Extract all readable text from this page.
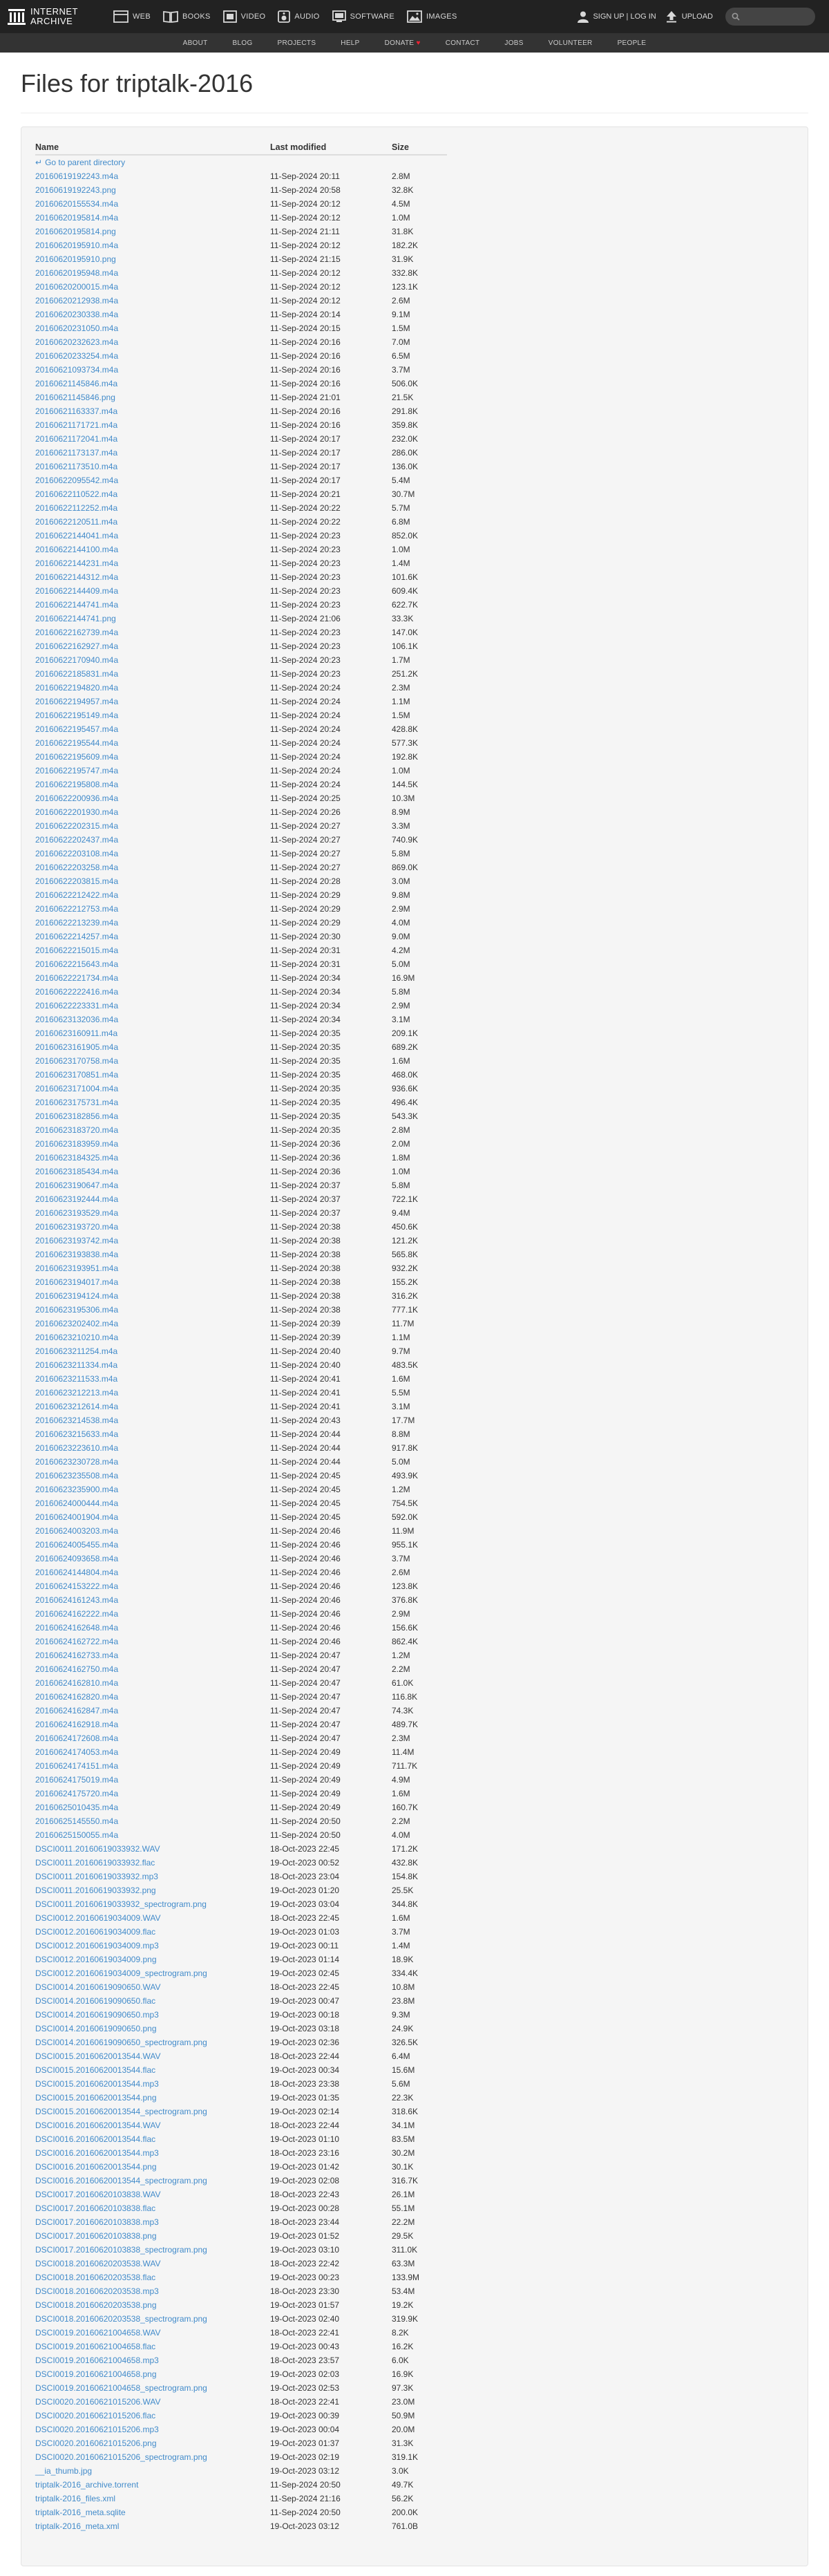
INTERNET
ARCHIVE	WEB	BOOKS	VIDEO	AUDIO	SOFTWARE	IMAGES	SIGN UP | LOG IN	UPLOAD
ABOUT	BLOG	PROJECTS	HELP	DONATE ♥	CONTACT	JOBS	VOLUNTEER	PEOPLE
Files for triptalk-2016
Name	Last modified	Size
↵ Go to parent directory		
20160619192243.m4a	11-Sep-2024 20:11	2.8M
20160619192243.png	11-Sep-2024 20:58	32.8K
20160620155534.m4a	11-Sep-2024 20:12	4.5M
20160620195814.m4a	11-Sep-2024 20:12	1.0M
20160620195814.png	11-Sep-2024 21:11	31.8K
20160620195910.m4a	11-Sep-2024 20:12	182.2K
20160620195910.png	11-Sep-2024 21:15	31.9K
20160620195948.m4a	11-Sep-2024 20:12	332.8K
20160620200015.m4a	11-Sep-2024 20:12	123.1K
20160620212938.m4a	11-Sep-2024 20:12	2.6M
20160620230338.m4a	11-Sep-2024 20:14	9.1M
20160620231050.m4a	11-Sep-2024 20:15	1.5M
20160620232623.m4a	11-Sep-2024 20:16	7.0M
20160620233254.m4a	11-Sep-2024 20:16	6.5M
20160621093734.m4a	11-Sep-2024 20:16	3.7M
20160621145846.m4a	11-Sep-2024 20:16	506.0K
20160621145846.png	11-Sep-2024 21:01	21.5K
20160621163337.m4a	11-Sep-2024 20:16	291.8K
20160621171721.m4a	11-Sep-2024 20:16	359.8K
20160621172041.m4a	11-Sep-2024 20:17	232.0K
20160621173137.m4a	11-Sep-2024 20:17	286.0K
20160621173510.m4a	11-Sep-2024 20:17	136.0K
20160622095542.m4a	11-Sep-2024 20:17	5.4M
20160622110522.m4a	11-Sep-2024 20:21	30.7M
20160622112252.m4a	11-Sep-2024 20:22	5.7M
20160622120511.m4a	11-Sep-2024 20:22	6.8M
20160622144041.m4a	11-Sep-2024 20:23	852.0K
20160622144100.m4a	11-Sep-2024 20:23	1.0M
20160622144231.m4a	11-Sep-2024 20:23	1.4M
20160622144312.m4a	11-Sep-2024 20:23	101.6K
20160622144409.m4a	11-Sep-2024 20:23	609.4K
20160622144741.m4a	11-Sep-2024 20:23	622.7K
20160622144741.png	11-Sep-2024 21:06	33.3K
20160622162739.m4a	11-Sep-2024 20:23	147.0K
20160622162927.m4a	11-Sep-2024 20:23	106.1K
20160622170940.m4a	11-Sep-2024 20:23	1.7M
20160622185831.m4a	11-Sep-2024 20:23	251.2K
20160622194820.m4a	11-Sep-2024 20:24	2.3M
20160622194957.m4a	11-Sep-2024 20:24	1.1M
20160622195149.m4a	11-Sep-2024 20:24	1.5M
20160622195457.m4a	11-Sep-2024 20:24	428.8K
20160622195544.m4a	11-Sep-2024 20:24	577.3K
20160622195609.m4a	11-Sep-2024 20:24	192.8K
20160622195747.m4a	11-Sep-2024 20:24	1.0M
20160622195808.m4a	11-Sep-2024 20:24	144.5K
20160622200936.m4a	11-Sep-2024 20:25	10.3M
20160622201930.m4a	11-Sep-2024 20:26	8.9M
20160622202315.m4a	11-Sep-2024 20:27	3.3M
20160622202437.m4a	11-Sep-2024 20:27	740.9K
20160622203108.m4a	11-Sep-2024 20:27	5.8M
20160622203258.m4a	11-Sep-2024 20:27	869.0K
20160622203815.m4a	11-Sep-2024 20:28	3.0M
20160622212422.m4a	11-Sep-2024 20:29	9.8M
20160622212753.m4a	11-Sep-2024 20:29	2.9M
20160622213239.m4a	11-Sep-2024 20:29	4.0M
20160622214257.m4a	11-Sep-2024 20:30	9.0M
20160622215015.m4a	11-Sep-2024 20:31	4.2M
20160622215643.m4a	11-Sep-2024 20:31	5.0M
20160622221734.m4a	11-Sep-2024 20:34	16.9M
20160622222416.m4a	11-Sep-2024 20:34	5.8M
20160622223331.m4a	11-Sep-2024 20:34	2.9M
20160623132036.m4a	11-Sep-2024 20:34	3.1M
20160623160911.m4a	11-Sep-2024 20:35	209.1K
20160623161905.m4a	11-Sep-2024 20:35	689.2K
20160623170758.m4a	11-Sep-2024 20:35	1.6M
20160623170851.m4a	11-Sep-2024 20:35	468.0K
20160623171004.m4a	11-Sep-2024 20:35	936.6K
20160623175731.m4a	11-Sep-2024 20:35	496.4K
20160623182856.m4a	11-Sep-2024 20:35	543.3K
20160623183720.m4a	11-Sep-2024 20:35	2.8M
20160623183959.m4a	11-Sep-2024 20:36	2.0M
20160623184325.m4a	11-Sep-2024 20:36	1.8M
20160623185434.m4a	11-Sep-2024 20:36	1.0M
20160623190647.m4a	11-Sep-2024 20:37	5.8M
20160623192444.m4a	11-Sep-2024 20:37	722.1K
20160623193529.m4a	11-Sep-2024 20:37	9.4M
20160623193720.m4a	11-Sep-2024 20:38	450.6K
20160623193742.m4a	11-Sep-2024 20:38	121.2K
20160623193838.m4a	11-Sep-2024 20:38	565.8K
20160623193951.m4a	11-Sep-2024 20:38	932.2K
20160623194017.m4a	11-Sep-2024 20:38	155.2K
20160623194124.m4a	11-Sep-2024 20:38	316.2K
20160623195306.m4a	11-Sep-2024 20:38	777.1K
20160623202402.m4a	11-Sep-2024 20:39	11.7M
20160623210210.m4a	11-Sep-2024 20:39	1.1M
20160623211254.m4a	11-Sep-2024 20:40	9.7M
20160623211334.m4a	11-Sep-2024 20:40	483.5K
20160623211533.m4a	11-Sep-2024 20:41	1.6M
20160623212213.m4a	11-Sep-2024 20:41	5.5M
20160623212614.m4a	11-Sep-2024 20:41	3.1M
20160623214538.m4a	11-Sep-2024 20:43	17.7M
20160623215633.m4a	11-Sep-2024 20:44	8.8M
20160623223610.m4a	11-Sep-2024 20:44	917.8K
20160623230728.m4a	11-Sep-2024 20:44	5.0M
20160623235508.m4a	11-Sep-2024 20:45	493.9K
20160623235900.m4a	11-Sep-2024 20:45	1.2M
20160624000444.m4a	11-Sep-2024 20:45	754.5K
20160624001904.m4a	11-Sep-2024 20:45	592.0K
20160624003203.m4a	11-Sep-2024 20:46	11.9M
20160624005455.m4a	11-Sep-2024 20:46	955.1K
20160624093658.m4a	11-Sep-2024 20:46	3.7M
20160624144804.m4a	11-Sep-2024 20:46	2.6M
20160624153222.m4a	11-Sep-2024 20:46	123.8K
20160624161243.m4a	11-Sep-2024 20:46	376.8K
20160624162222.m4a	11-Sep-2024 20:46	2.9M
20160624162648.m4a	11-Sep-2024 20:46	156.6K
20160624162722.m4a	11-Sep-2024 20:46	862.4K
20160624162733.m4a	11-Sep-2024 20:47	1.2M
20160624162750.m4a	11-Sep-2024 20:47	2.2M
20160624162810.m4a	11-Sep-2024 20:47	61.0K
20160624162820.m4a	11-Sep-2024 20:47	116.8K
20160624162847.m4a	11-Sep-2024 20:47	74.3K
20160624162918.m4a	11-Sep-2024 20:47	489.7K
20160624172608.m4a	11-Sep-2024 20:47	2.3M
20160624174053.m4a	11-Sep-2024 20:49	11.4M
20160624174151.m4a	11-Sep-2024 20:49	711.7K
20160624175019.m4a	11-Sep-2024 20:49	4.9M
20160624175720.m4a	11-Sep-2024 20:49	1.6M
20160625010435.m4a	11-Sep-2024 20:49	160.7K
20160625145550.m4a	11-Sep-2024 20:50	2.2M
20160625150055.m4a	11-Sep-2024 20:50	4.0M
DSCI0011.20160619033932.WAV	18-Oct-2023 22:45	171.2K
DSCI0011.20160619033932.flac	19-Oct-2023 00:52	432.8K
DSCI0011.20160619033932.mp3	18-Oct-2023 23:04	154.8K
DSCI0011.20160619033932.png	19-Oct-2023 01:20	25.5K
DSCI0011.20160619033932_spectrogram.png	19-Oct-2023 03:04	344.8K
DSCI0012.20160619034009.WAV	18-Oct-2023 22:45	1.6M
DSCI0012.20160619034009.flac	19-Oct-2023 01:03	3.7M
DSCI0012.20160619034009.mp3	19-Oct-2023 00:11	1.4M
DSCI0012.20160619034009.png	19-Oct-2023 01:14	18.9K
DSCI0012.20160619034009_spectrogram.png	19-Oct-2023 02:45	334.4K
DSCI0014.20160619090650.WAV	18-Oct-2023 22:45	10.8M
DSCI0014.20160619090650.flac	19-Oct-2023 00:47	23.8M
DSCI0014.20160619090650.mp3	19-Oct-2023 00:18	9.3M
DSCI0014.20160619090650.png	19-Oct-2023 03:18	24.9K
DSCI0014.20160619090650_spectrogram.png	19-Oct-2023 02:36	326.5K
DSCI0015.20160620013544.WAV	18-Oct-2023 22:44	6.4M
DSCI0015.20160620013544.flac	19-Oct-2023 00:34	15.6M
DSCI0015.20160620013544.mp3	18-Oct-2023 23:38	5.6M
DSCI0015.20160620013544.png	19-Oct-2023 01:35	22.3K
DSCI0015.20160620013544_spectrogram.png	19-Oct-2023 02:14	318.6K
DSCI0016.20160620013544.WAV	18-Oct-2023 22:44	34.1M
DSCI0016.20160620013544.flac	19-Oct-2023 01:10	83.5M
DSCI0016.20160620013544.mp3	18-Oct-2023 23:16	30.2M
DSCI0016.20160620013544.png	19-Oct-2023 01:42	30.1K
DSCI0016.20160620013544_spectrogram.png	19-Oct-2023 02:08	316.7K
DSCI0017.20160620103838.WAV	18-Oct-2023 22:43	26.1M
DSCI0017.20160620103838.flac	19-Oct-2023 00:28	55.1M
DSCI0017.20160620103838.mp3	18-Oct-2023 23:44	22.2M
DSCI0017.20160620103838.png	19-Oct-2023 01:52	29.5K
DSCI0017.20160620103838_spectrogram.png	19-Oct-2023 03:10	311.0K
DSCI0018.20160620203538.WAV	18-Oct-2023 22:42	63.3M
DSCI0018.20160620203538.flac	19-Oct-2023 00:23	133.9M
DSCI0018.20160620203538.mp3	18-Oct-2023 23:30	53.4M
DSCI0018.20160620203538.png	19-Oct-2023 01:57	19.2K
DSCI0018.20160620203538_spectrogram.png	19-Oct-2023 02:40	319.9K
DSCI0019.20160621004658.WAV	18-Oct-2023 22:41	8.2K
DSCI0019.20160621004658.flac	19-Oct-2023 00:43	16.2K
DSCI0019.20160621004658.mp3	18-Oct-2023 23:57	6.0K
DSCI0019.20160621004658.png	19-Oct-2023 02:03	16.9K
DSCI0019.20160621004658_spectrogram.png	19-Oct-2023 02:53	97.3K
DSCI0020.20160621015206.WAV	18-Oct-2023 22:41	23.0M
DSCI0020.20160621015206.flac	19-Oct-2023 00:39	50.9M
DSCI0020.20160621015206.mp3	19-Oct-2023 00:04	20.0M
DSCI0020.20160621015206.png	19-Oct-2023 01:37	31.3K
DSCI0020.20160621015206_spectrogram.png	19-Oct-2023 02:19	319.1K
__ia_thumb.jpg	19-Oct-2023 03:12	3.0K
triptalk-2016_archive.torrent	11-Sep-2024 20:50	49.7K
triptalk-2016_files.xml	11-Sep-2024 21:16	56.2K
triptalk-2016_meta.sqlite	11-Sep-2024 20:50	200.0K
triptalk-2016_meta.xml	19-Oct-2023 03:12	761.0B
